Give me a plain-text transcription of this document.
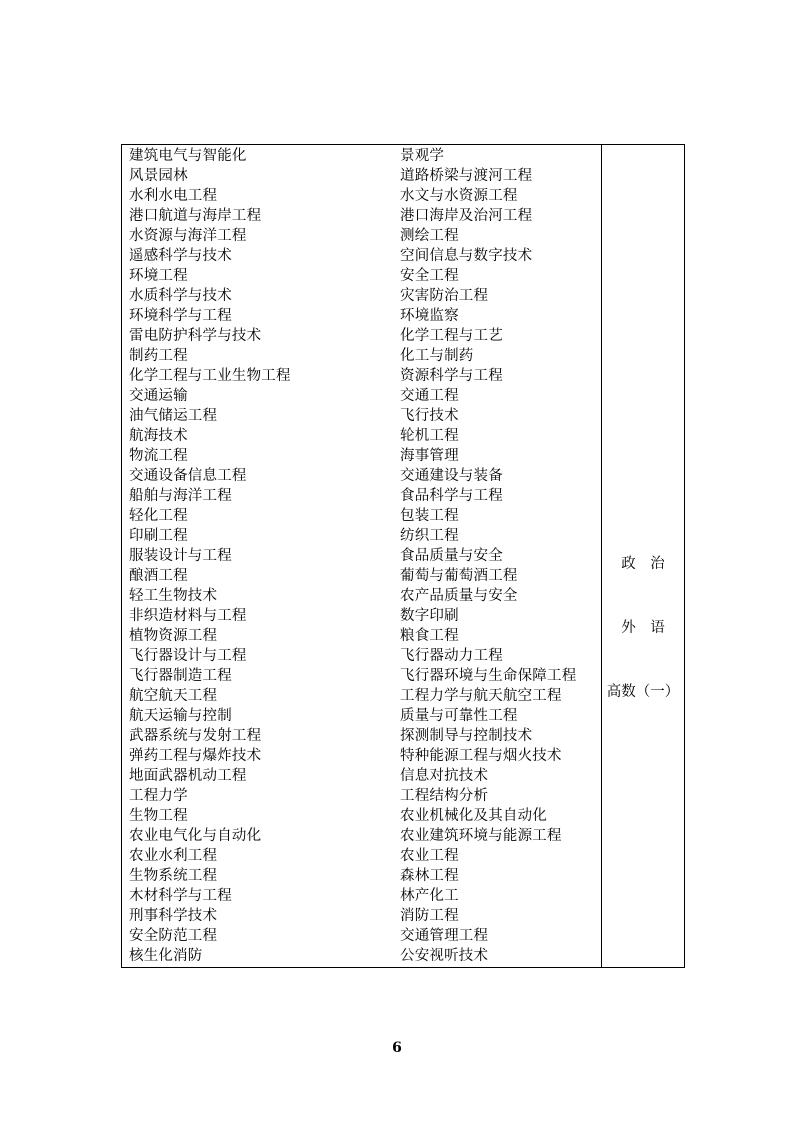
建筑电气与智能化	景观学
风景园林	道路桥梁与渡河工程
水利水电工程	水文与水资源工程
港口航道与海岸工程	港口海岸及治河工程
水资源与海洋工程	测绘工程
遥感科学与技术	空间信息与数字技术
环境工程	安全工程
水质科学与技术	灾害防治工程
环境科学与工程	环境监察
雷电防护科学与技术	化学工程与工艺
制药工程	化工与制药
化学工程与工业生物工程	资源科学与工程
交通运输	交通工程
油气储运工程	飞行技术
航海技术	轮机工程
物流工程	海事管理
交通设备信息工程	交通建设与装备
船舶与海洋工程	食品科学与工程
轻化工程	包装工程
印刷工程	纺织工程
服装设计与工程	食品质量与安全
酿酒工程	葡萄与葡萄酒工程
轻工生物技术	农产品质量与安全
非织造材料与工程	数字印刷
植物资源工程	粮食工程
飞行器设计与工程	飞行器动力工程
飞行器制造工程	飞行器环境与生命保障工程
航空航天工程	工程力学与航天航空工程
航天运输与控制	质量与可靠性工程
武器系统与发射工程	探测制导与控制技术
弹药工程与爆炸技术	特种能源工程与烟火技术
地面武器机动工程	信息对抗技术
工程力学	工程结构分析
生物工程	农业机械化及其自动化
农业电气化与自动化	农业建筑环境与能源工程
农业水利工程	农业工程
生物系统工程	森林工程
木材科学与工程	林产化工
刑事科学技术	消防工程
安全防范工程	交通管理工程
核生化消防	公安视听技术
政　治
外　语
高数（一）
6
